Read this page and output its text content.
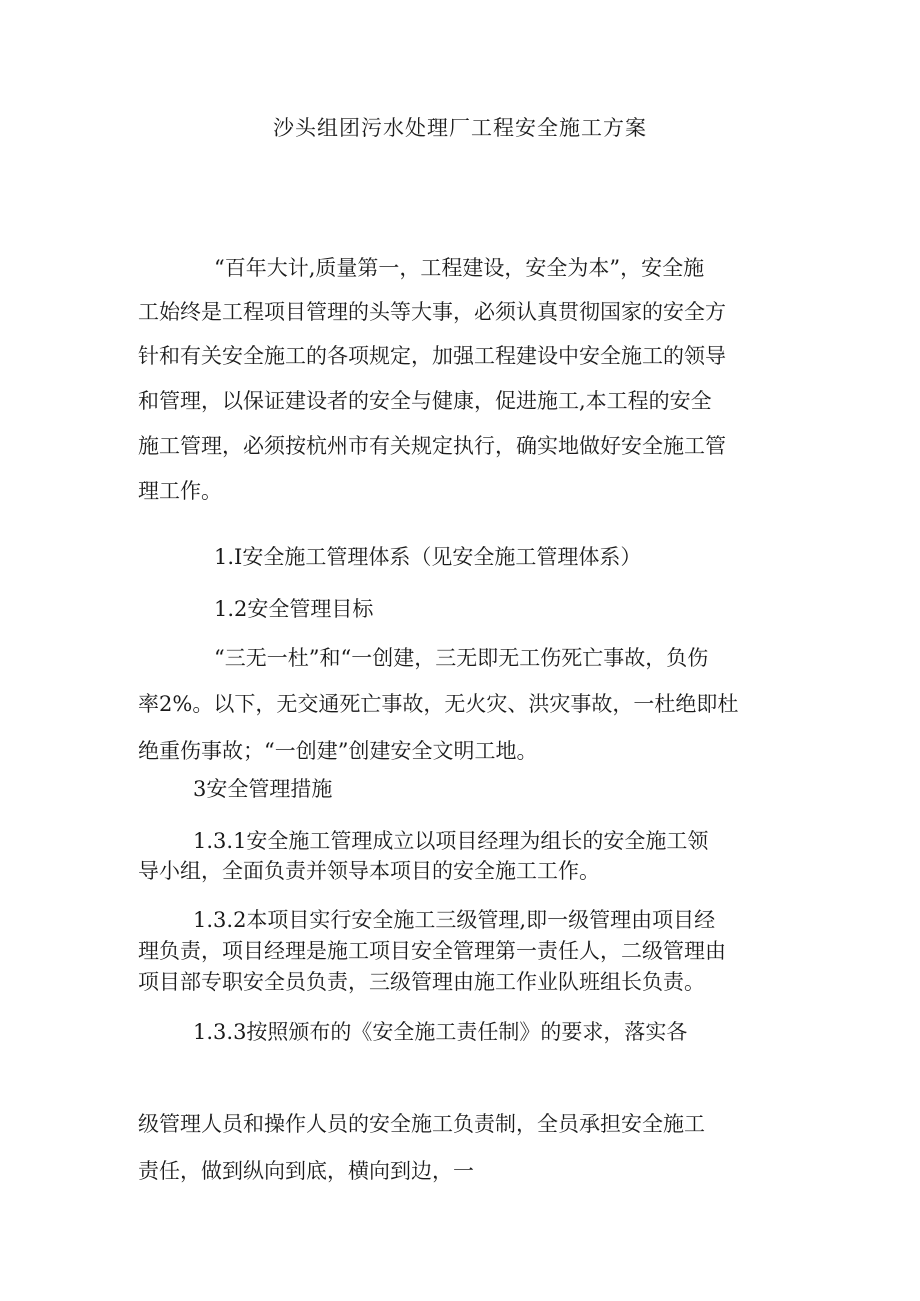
沙头组团污水处理厂工程安全施工方案
“百年大计,质量第一，工程建设，安全为本”，安全施
工始终是工程项目管理的头等大事，必须认真贯彻国家的安全方
针和有关安全施工的各项规定，加强工程建设中安全施工的领导
和管理，以保证建设者的安全与健康，促进施工,本工程的安全
施工管理，必须按杭州市有关规定执行，确实地做好安全施工管
理工作。
1.Ⅰ安全施工管理体系（见安全施工管理体系）
1.2安全管理目标
“三无一杜”和“一创建，三无即无工伤死亡事故，负伤
率2%。以下，无交通死亡事故，无火灾、洪灾事故，一杜绝即杜
绝重伤事故；“一创建”创建安全文明工地。
3安全管理措施
1.3.1安全施工管理成立以项目经理为组长的安全施工领
导小组，全面负责并领导本项目的安全施工工作。
1.3.2本项目实行安全施工三级管理,即一级管理由项目经
理负责，项目经理是施工项目安全管理第一责任人，二级管理由
项目部专职安全员负责，三级管理由施工作业队班组长负责。
1.3.3按照颁布的《安全施工责任制》的要求，落实各
级管理人员和操作人员的安全施工负责制，全员承担安全施工
责任，做到纵向到底，横向到边，一
